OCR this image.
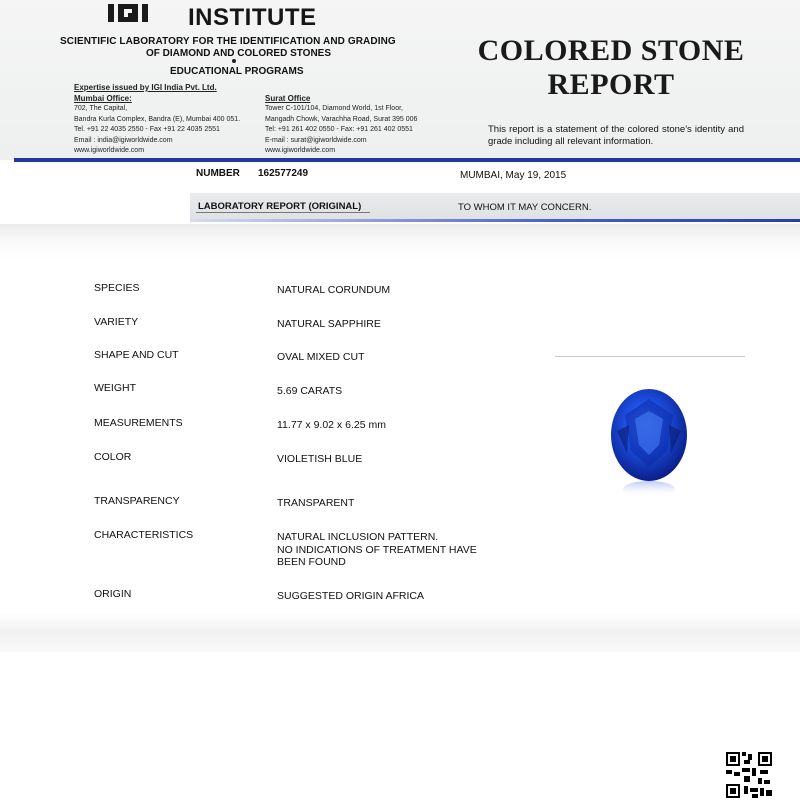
INSTITUTE
SCIENTIFIC LABORATORY FOR THE IDENTIFICATION AND GRADING
OF DIAMOND AND COLORED STONES
EDUCATIONAL PROGRAMS
Expertise issued by IGI India Pvt. Ltd.
Mumbai Office:
702, The Capital,
Bandra Kurla Complex, Bandra (E), Mumbai 400 051.
Tel. +91 22 4035 2550 - Fax +91 22 4035 2551
Email : india@igiworldwide.com
www.igiworldwide.com
Surat Office
Tower C-101/104, Diamond World, 1st Floor,
Mangadh Chowk, Varachha Road, Surat 395 006
Tel: +91 261 402 0550 - Fax: +91 261 402 0551
E-mail : surat@igiworldwide.com
www.igiworldwide.com
COLORED STONE
REPORT
This report is a statement of the colored stone's identity and grade including all relevant information.
NUMBER 162577249	MUMBAI, May 19, 2015
LABORATORY REPORT (ORIGINAL)	TO WHOM IT MAY CONCERN.
SPECIES	NATURAL CORUNDUM
VARIETY	NATURAL SAPPHIRE
SHAPE AND CUT	OVAL MIXED CUT
WEIGHT	5.69 CARATS
MEASUREMENTS	11.77 x 9.02 x 6.25 mm
COLOR	VIOLETISH BLUE
TRANSPARENCY	TRANSPARENT
CHARACTERISTICS	NATURAL INCLUSION PATTERN.
NO INDICATIONS OF TREATMENT HAVE
BEEN FOUND
ORIGIN	SUGGESTED ORIGIN AFRICA
